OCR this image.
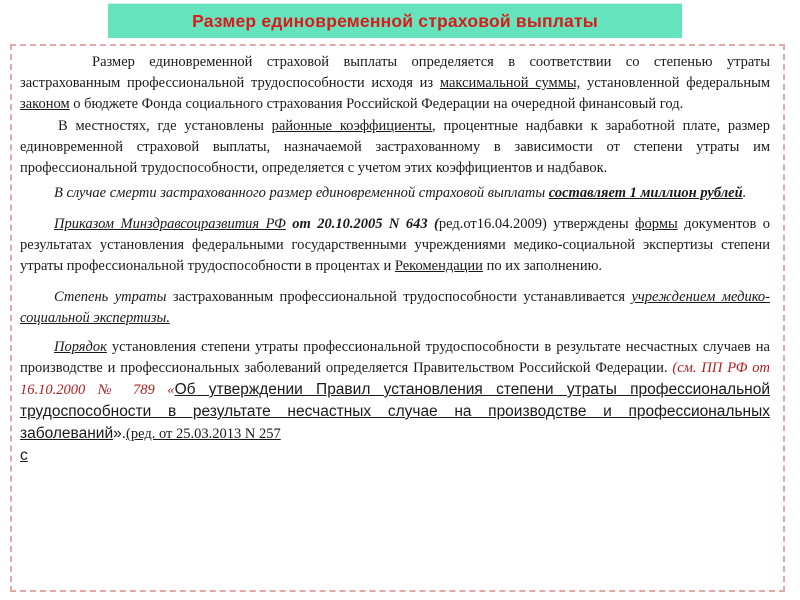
Размер единовременной страховой выплаты

Размер единовременной страховой выплаты определяется в соответствии со степенью утраты застрахованным профессиональной трудоспособности исходя из максимальной суммы, установленной федеральным законом о бюджете Фонда социального страхования Российской Федерации на очередной финансовый год.

В местностях, где установлены районные коэффициенты, процентные надбавки к заработной плате, размер единовременной страховой выплаты, назначаемой застрахованному в зависимости от степени утраты им профессиональной трудоспособности, определяется с учетом этих коэффициентов и надбавок.

В случае смерти застрахованного размер единовременной страховой выплаты составляет 1 миллион рублей.

Приказом Минздравсоцразвития РФ от 20.10.2005 N 643 (ред.от16.04.2009) утверждены формы документов о результатах установления федеральными государственными учреждениями медико-социальной экспертизы степени утраты профессиональной трудоспособности в процентах и Рекомендации по их заполнению.

Степень утраты застрахованным профессиональной трудоспособности устанавливается учреждением медико-социальной экспертизы.

Порядок установления степени утраты профессиональной трудоспособности в результате несчастных случаев на производстве и профессиональных заболеваний определяется Правительством Российской Федерации. (см. ПП РФ от 16.10.2000 № 789 «Об утверждении Правил установления степени утраты профессиональной трудоспособности в результате несчастных случае на производстве и профессиональных заболеваний».(ред. от 25.03.2013 N 257
с
